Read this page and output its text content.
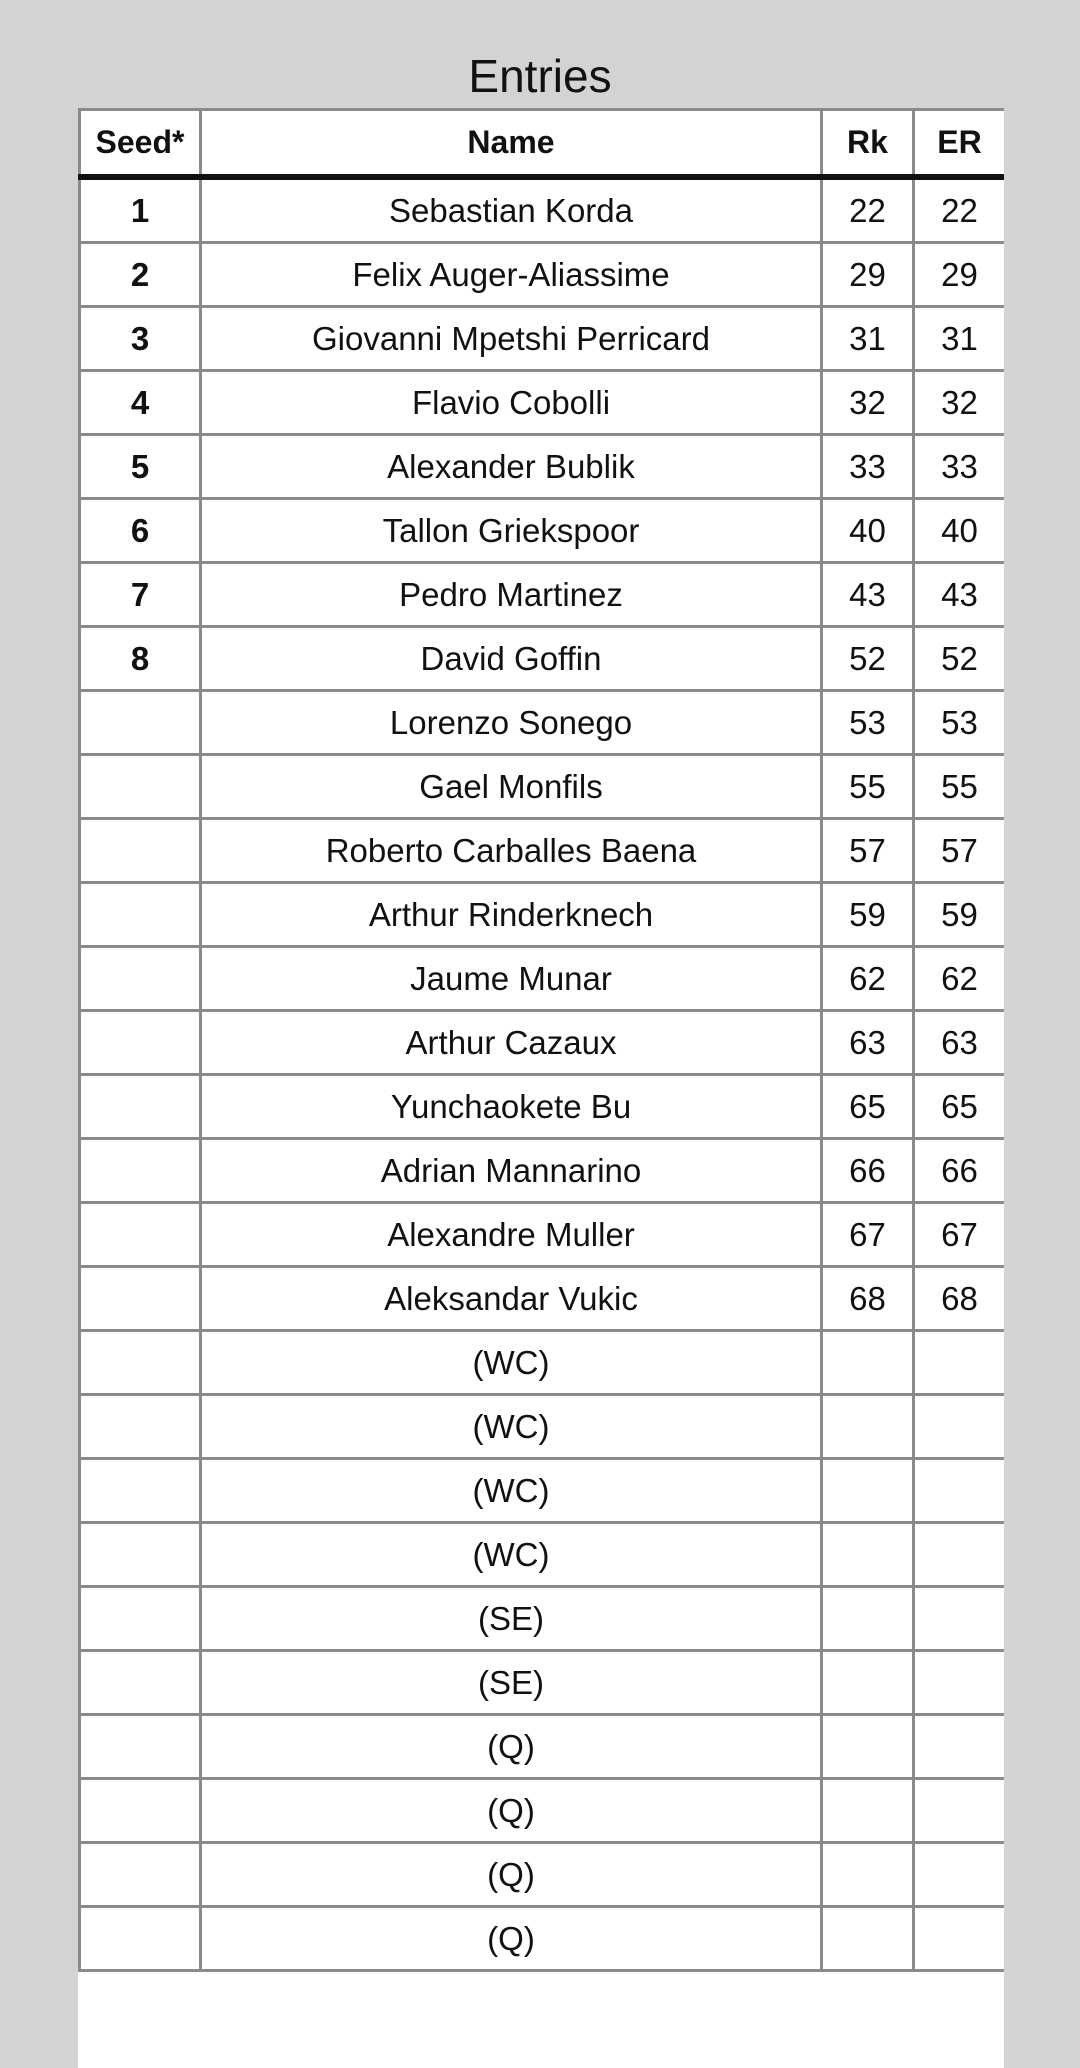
Entries
Seed*	Name	Rk	ER
1	Sebastian Korda	22	22
2	Felix Auger-Aliassime	29	29
3	Giovanni Mpetshi Perricard	31	31
4	Flavio Cobolli	32	32
5	Alexander Bublik	33	33
6	Tallon Griekspoor	40	40
7	Pedro Martinez	43	43
8	David Goffin	52	52
	Lorenzo Sonego	53	53
	Gael Monfils	55	55
	Roberto Carballes Baena	57	57
	Arthur Rinderknech	59	59
	Jaume Munar	62	62
	Arthur Cazaux	63	63
	Yunchaokete Bu	65	65
	Adrian Mannarino	66	66
	Alexandre Muller	67	67
	Aleksandar Vukic	68	68
	(WC)		
	(WC)		
	(WC)		
	(WC)		
	(SE)		
	(SE)		
	(Q)		
	(Q)		
	(Q)		
	(Q)		
